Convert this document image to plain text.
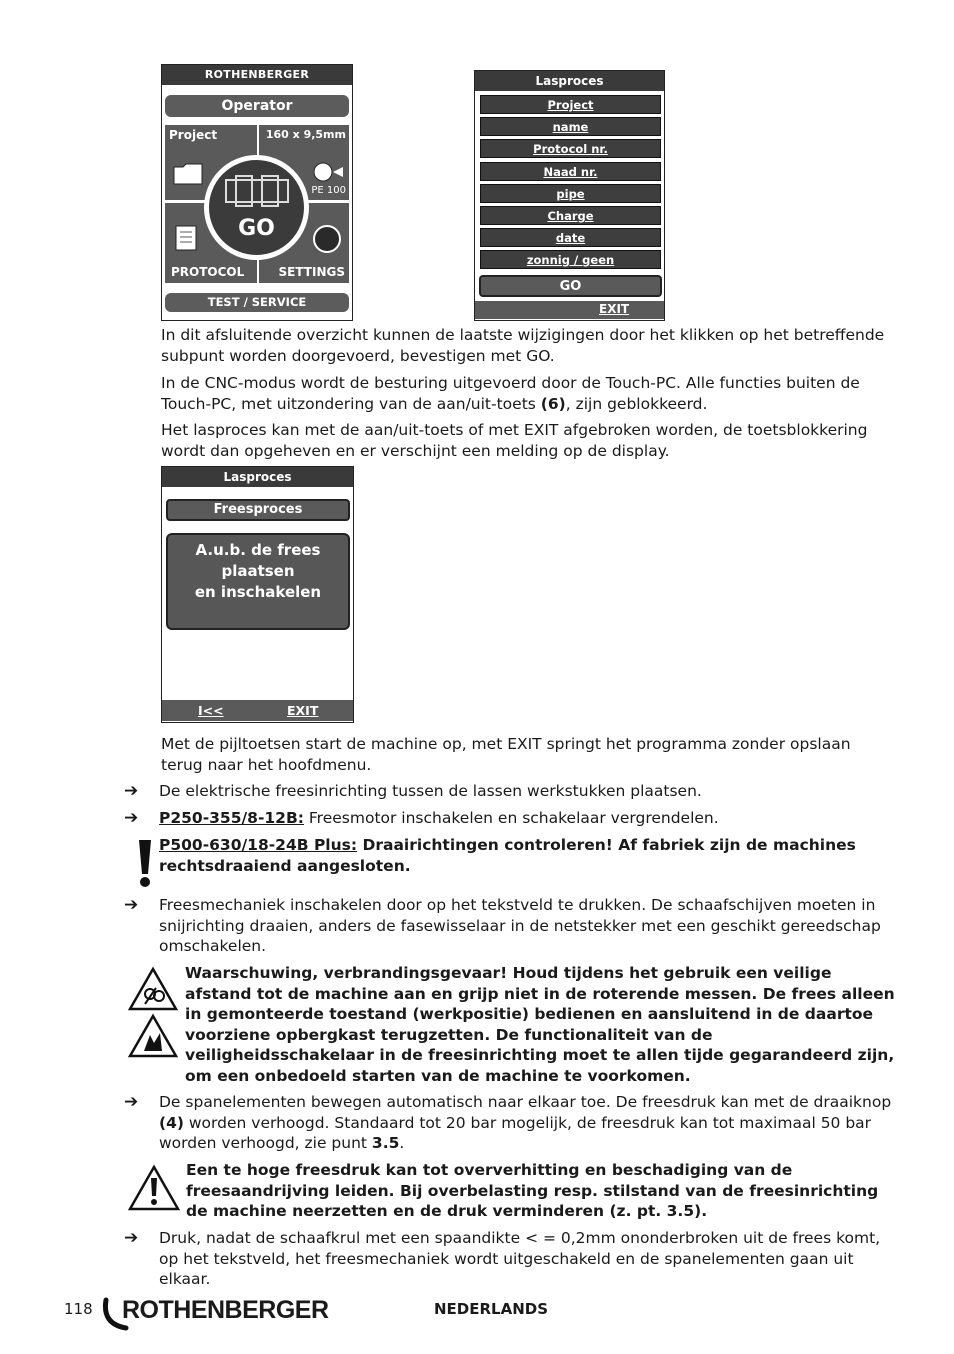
ROTHENBERGER
Operator
Project	160 x 9,5mm
PE 100
PROTOCOL	SETTINGS
GO
TEST / SERVICE
Lasproces
Project
name
Protocol nr.
Naad nr.
pipe
Charge
date
zonnig / geen
GO
EXIT
In dit afsluitende overzicht kunnen de laatste wijzigingen door het klikken op het betreffende subpunt worden doorgevoerd, bevestigen met GO.
In de CNC-modus wordt de besturing uitgevoerd door de Touch-PC. Alle functies buiten de Touch-PC, met uitzondering van de aan/uit-toets (6), zijn geblokkeerd.
Het lasproces kan met de aan/uit-toets of met EXIT afgebroken worden, de toetsblokkering wordt dan opgeheven en er verschijnt een melding op de display.
Lasproces
Freesproces
A.u.b. de frees plaatsen
en inschakelen
I<<	EXIT
Met de pijltoetsen start de machine op, met EXIT springt het programma zonder opslaan terug naar het hoofdmenu.
➔ De elektrische freesinrichting tussen de lassen werkstukken plaatsen.
➔ P250-355/8-12B: Freesmotor inschakelen en schakelaar vergrendelen.
P500-630/18-24B Plus: Draairichtingen controleren! Af fabriek zijn de machines rechtsdraaiend aangesloten.
➔ Freesmechaniek inschakelen door op het tekstveld te drukken. De schaafschijven moeten in snijrichting draaien, anders de fasewisselaar in de netstekker met een geschikt gereedschap omschakelen.
Waarschuwing, verbrandingsgevaar! Houd tijdens het gebruik een veilige afstand tot de machine aan en grijp niet in de roterende messen. De frees alleen in gemonteerde toestand (werkpositie) bedienen en aansluitend in de daartoe voorziene opbergkast terugzetten. De functionaliteit van de veiligheidsschakelaar in de freesinrichting moet te allen tijde gegarandeerd zijn, om een onbedoeld starten van de machine te voorkomen.
➔ De spanelementen bewegen automatisch naar elkaar toe. De freesdruk kan met de draaiknop (4) worden verhoogd. Standaard tot 20 bar mogelijk, de freesdruk kan tot maximaal 50 bar worden verhoogd, zie punt 3.5.
Een te hoge freesdruk kan tot oververhitting en beschadiging van de freesaandrijving leiden. Bij overbelasting resp. stilstand van de freesinrichting de machine neerzetten en de druk verminderen (z. pt. 3.5).
➔ Druk, nadat de schaafkrul met een spaandikte < = 0,2mm ononderbroken uit de frees komt, op het tekstveld, het freesmechaniek wordt uitgeschakeld en de spanelementen gaan uit elkaar.
118 ROTHENBERGER	NEDERLANDS
